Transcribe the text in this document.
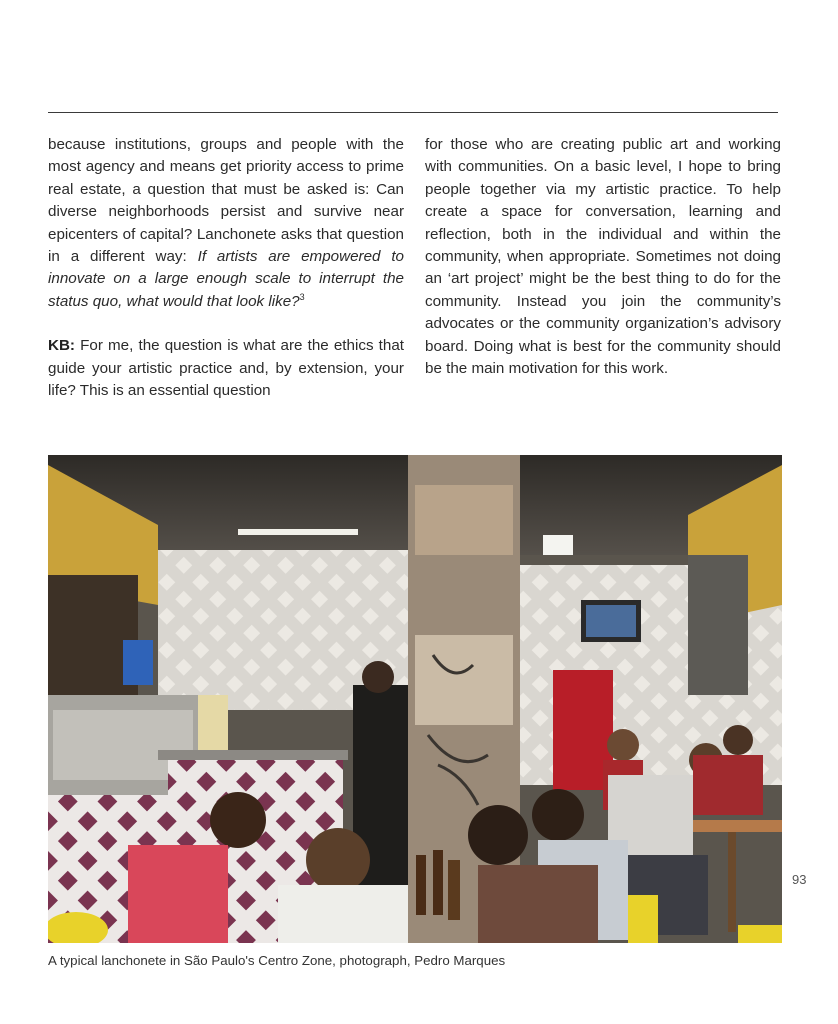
because institutions, groups and people with the most agency and means get priority access to prime real estate, a question that must be asked is: Can diverse neighborhoods persist and survive near epicenters of capital? Lanchonete asks that question in a different way: If artists are empowered to innovate on a large enough scale to interrupt the status quo, what would that look like?$^3$

KB: For me, the question is what are the ethics that guide your artistic practice and, by extension, your life? This is an essential question

for those who are creating public art and working with communities. On a basic level, I hope to bring people together via my artistic practice. To help create a space for conversation, learning and reflection, both in the individual and within the community, when appropriate. Sometimes not doing an ‘art project’ might be the best thing to do for the community. Instead you join the community’s advocates or the community organization’s advisory board. Doing what is best for the community should be the main motivation for this work.

93
A typical lanchonete in São Paulo's Centro Zone, photograph, Pedro Marques
